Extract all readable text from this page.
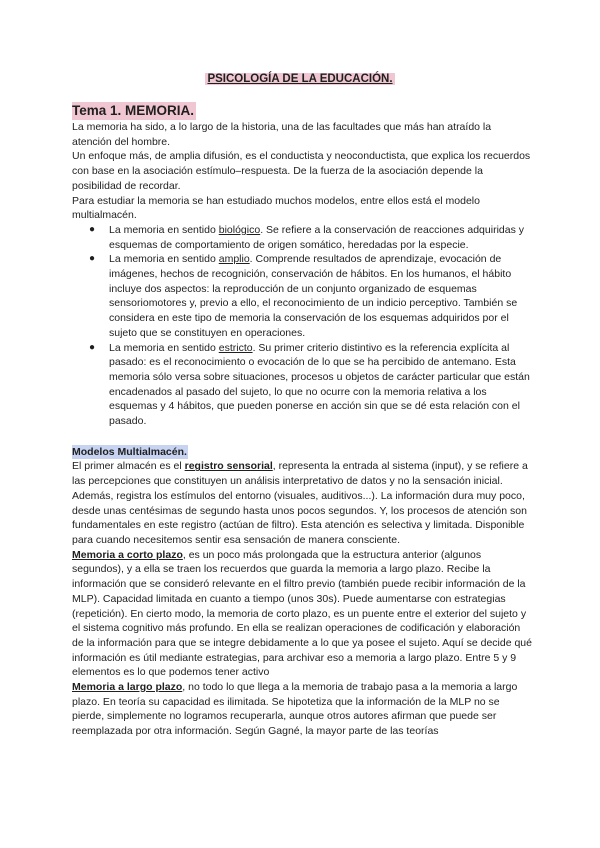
PSICOLOGÍA DE LA EDUCACIÓN.
Tema 1. MEMORIA.

La memoria ha sido, a lo largo de la historia, una de las facultades que más han atraído la atención del hombre.

Un enfoque más, de amplia difusión, es el conductista y neoconductista, que explica los recuerdos con base en la asociación estímulo–respuesta. De la fuerza de la asociación depende la posibilidad de recordar.

Para estudiar la memoria se han estudiado muchos modelos, entre ellos está el modelo multialmacén.

● La memoria en sentido biológico. Se refiere a la conservación de reacciones adquiridas y esquemas de comportamiento de origen somático, heredadas por la especie.
● La memoria en sentido amplio. Comprende resultados de aprendizaje, evocación de imágenes, hechos de recognición, conservación de hábitos. En los humanos, el hábito incluye dos aspectos: la reproducción de un conjunto organizado de esquemas sensoriomotores y, previo a ello, el reconocimiento de un indicio perceptivo. También se considera en este tipo de memoria la conservación de los esquemas adquiridos por el sujeto que se constituyen en operaciones.
● La memoria en sentido estricto. Su primer criterio distintivo es la referencia explícita al pasado: es el reconocimiento o evocación de lo que se ha percibido de antemano. Esta memoria sólo versa sobre situaciones, procesos u objetos de carácter particular que están encadenados al pasado del sujeto, lo que no ocurre con la memoria relativa a los esquemas y 4 hábitos, que pueden ponerse en acción sin que se dé esta relación con el pasado.
Modelos Multialmacén.

El primer almacén es el registro sensorial, representa la entrada al sistema (input), y se refiere a las percepciones que constituyen un análisis interpretativo de datos y no la sensación inicial. Además, registra los estímulos del entorno (visuales, auditivos...). La información dura muy poco, desde unas centésimas de segundo hasta unos pocos segundos. Y, los procesos de atención son fundamentales en este registro (actúan de filtro). Esta atención es selectiva y limitada. Disponible para cuando necesitemos sentir esa sensación de manera consciente.

Memoria a corto plazo, es un poco más prolongada que la estructura anterior (algunos segundos), y a ella se traen los recuerdos que guarda la memoria a largo plazo. Recibe la información que se consideró relevante en el filtro previo (también puede recibir información de la MLP). Capacidad limitada en cuanto a tiempo (unos 30s). Puede aumentarse con estrategias (repetición). En cierto modo, la memoria de corto plazo, es un puente entre el exterior del sujeto y el sistema cognitivo más profundo. En ella se realizan operaciones de codificación y elaboración de la información para que se integre debidamente a lo que ya posee el sujeto. Aquí se decide qué información es útil mediante estrategias, para archivar eso a memoria a largo plazo. Entre 5 y 9 elementos es lo que podemos tener activo

Memoria a largo plazo, no todo lo que llega a la memoria de trabajo pasa a la memoria a largo plazo. En teoría su capacidad es ilimitada. Se hipotetiza que la información de la MLP no se pierde, simplemente no logramos recuperarla, aunque otros autores afirman que puede ser reemplazada por otra información. Según Gagné, la mayor parte de las teorías
